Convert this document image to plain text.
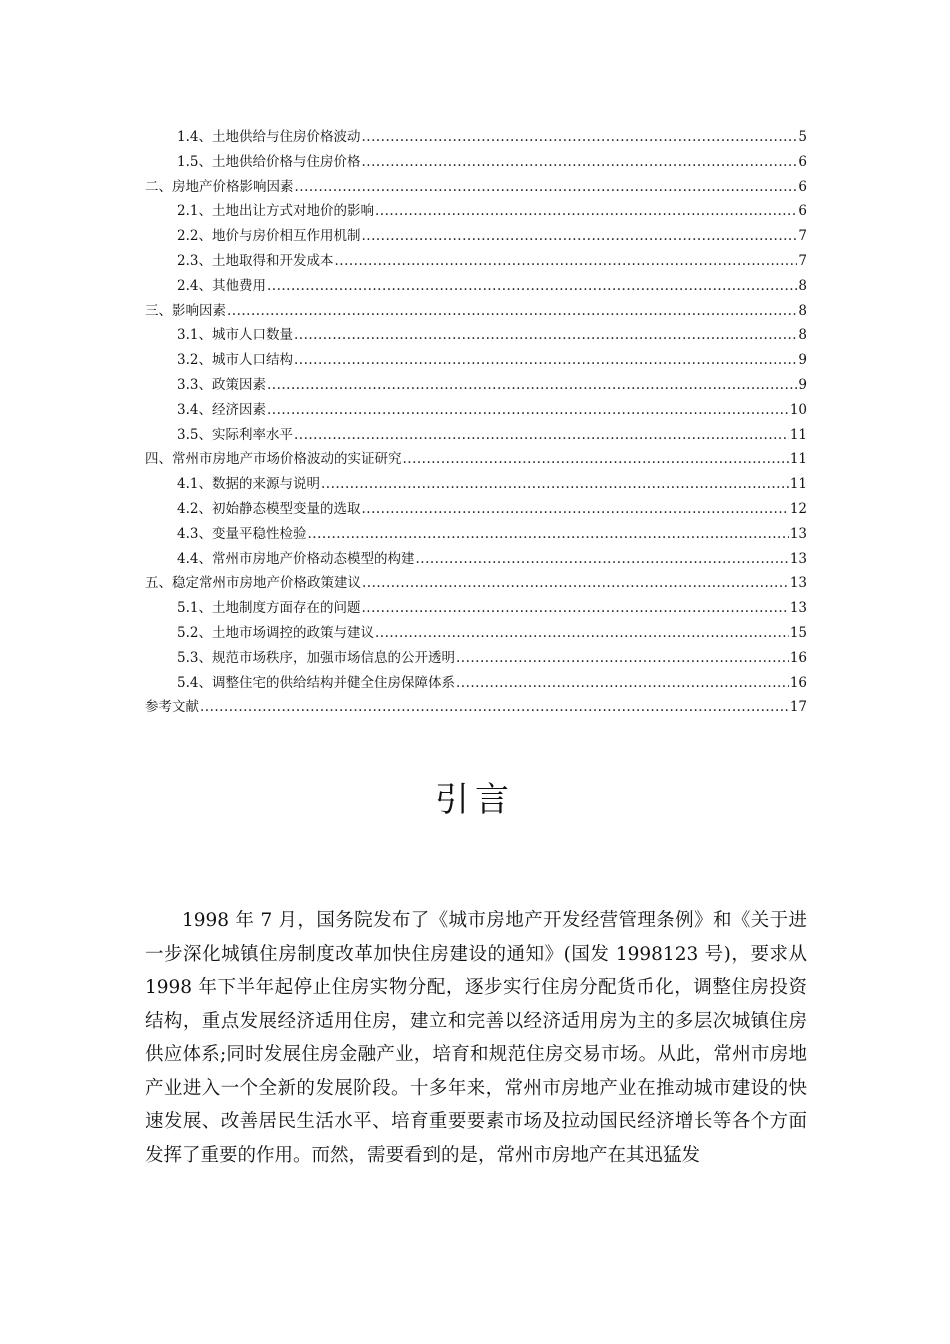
1.4、土地供给与住房价格波动 .....	5
1.5、土地供给价格与住房价格 .....	6
二、房地产价格影响因素 .....	6
2.1、土地出让方式对地价的影响 .....	6
2.2、地价与房价相互作用机制 .....	7
2.3、土地取得和开发成本 .....	7
2.4、其他费用 .....	8
三、影响因素 .....	8
3.1、城市人口数量 .....	8
3.2、城市人口结构 .....	9
3.3、政策因素 .....	9
3.4、经济因素 .....	10
3.5、实际利率水平 .....	11
四、常州市房地产市场价格波动的实证研究 .....	11
4.1、数据的来源与说明 .....	11
4.2、初始静态模型变量的选取 .....	12
4.3、变量平稳性检验 .....	13
4.4、常州市房地产价格动态模型的构建 .....	13
五、稳定常州市房地产价格政策建议 .....	13
5.1、土地制度方面存在的问题 .....	13
5.2、土地市场调控的政策与建议 .....	15
5.3、规范市场秩序，加强市场信息的公开透明 .....	16
5.4、调整住宅的供给结构并健全住房保障体系 .....	16
参考文献 .....	17
引言

1998 年 7 月，国务院发布了《城市房地产开发经营管理条例》和《关于进一步深化城镇住房制度改革加快住房建设的通知》(国发 1998123 号)，要求从 1998 年下半年起停止住房实物分配，逐步实行住房分配货币化，调整住房投资结构，重点发展经济适用住房，建立和完善以经济适用房为主的多层次城镇住房供应体系;同时发展住房金融产业，培育和规范住房交易市场。从此，常州市房地产业进入一个全新的发展阶段。十多年来，常州市房地产业在推动城市建设的快速发展、改善居民生活水平、培育重要要素市场及拉动国民经济增长等各个方面发挥了重要的作用。而然，需要看到的是，常州市房地产在其迅猛发
